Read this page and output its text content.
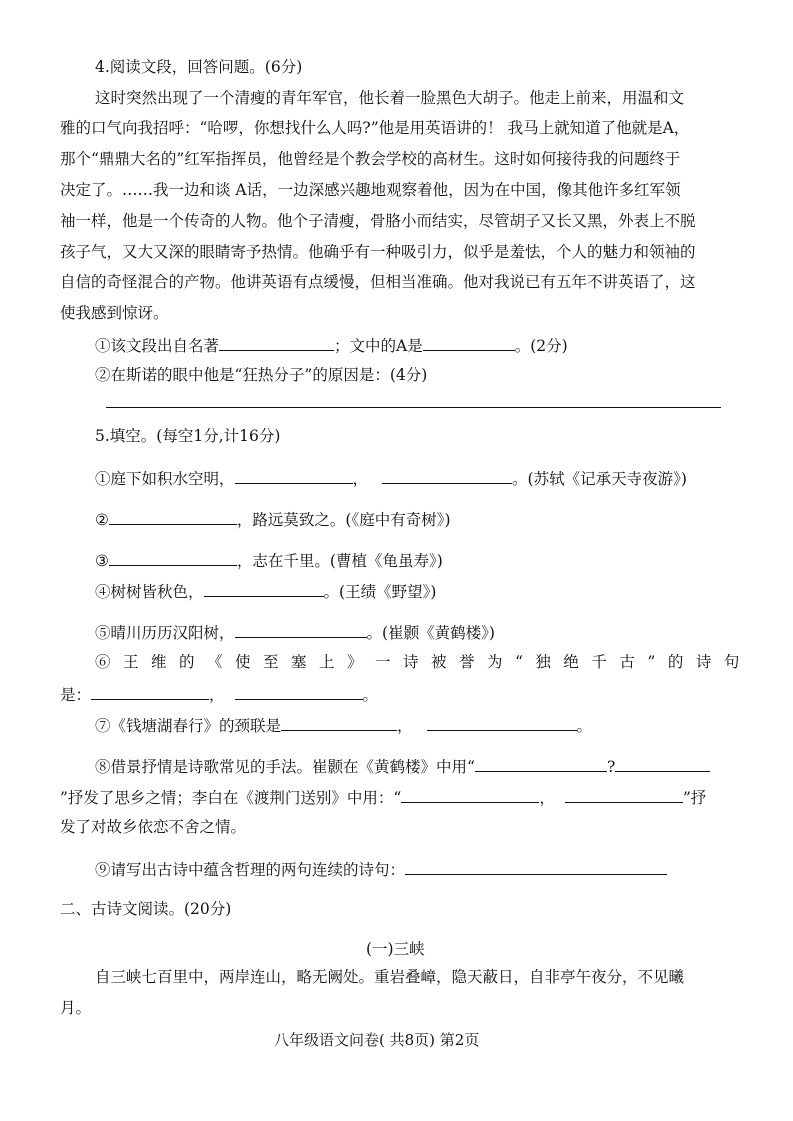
4.阅读文段，回答问题。(6分)
这时突然出现了一个清瘦的青年军官，他长着一脸黑色大胡子。他走上前来，用温和文
雅的口气向我招呼：“哈啰，你想找什么人吗?”他是用英语讲的！ 我马上就知道了他就是A，
那个“鼎鼎大名的”红军指挥员，他曾经是个教会学校的高材生。这时如何接待我的问题终于
决定了。……我一边和谈 A话，一边深感兴趣地观察着他，因为在中国，像其他许多红军领
袖一样，他是一个传奇的人物。他个子清瘦，骨胳小而结实，尽管胡子又长又黑，外表上不脱
孩子气，又大又深的眼睛寄予热情。他确乎有一种吸引力，似乎是羞怯，个人的魅力和领袖的
自信的奇怪混合的产物。他讲英语有点缓慢，但相当准确。他对我说已有五年不讲英语了，这
使我感到惊讶。
①该文段出自名著	；文中的A是	。(2分)
②在斯诺的眼中他是“狂热分子”的原因是：(4分)
5.填空。(每空1分,计16分)
①庭下如积水空明，	，	。(苏轼《记承天寺夜游》)
②	，路远莫致之。(《庭中有奇树》)
③	，志在千里。(曹植《龟虽寿》)
④树树皆秋色，	。(王绩《野望》)
⑤晴川历历汉阳树，	。(崔颢《黄鹤楼》)
⑥王维的《使至塞上》一诗被誉为“独绝千古”的诗句
是：	，	。
⑦《钱塘湖春行》的颈联是	，	。
⑧借景抒情是诗歌常见的手法。崔颢在《黄鹤楼》中用“	?
”抒发了思乡之情；李白在《渡荆门送别》中用：“	，	”抒
发了对故乡依恋不舍之情。
⑨请写出古诗中蕴含哲理的两句连续的诗句：
二、古诗文阅读。(20分)
(一)三峡
自三峡七百里中，两岸连山，略无阙处。重岩叠嶂，隐天蔽日，自非亭午夜分，不见曦
月。
八年级语文问卷( 共8页) 第2页
